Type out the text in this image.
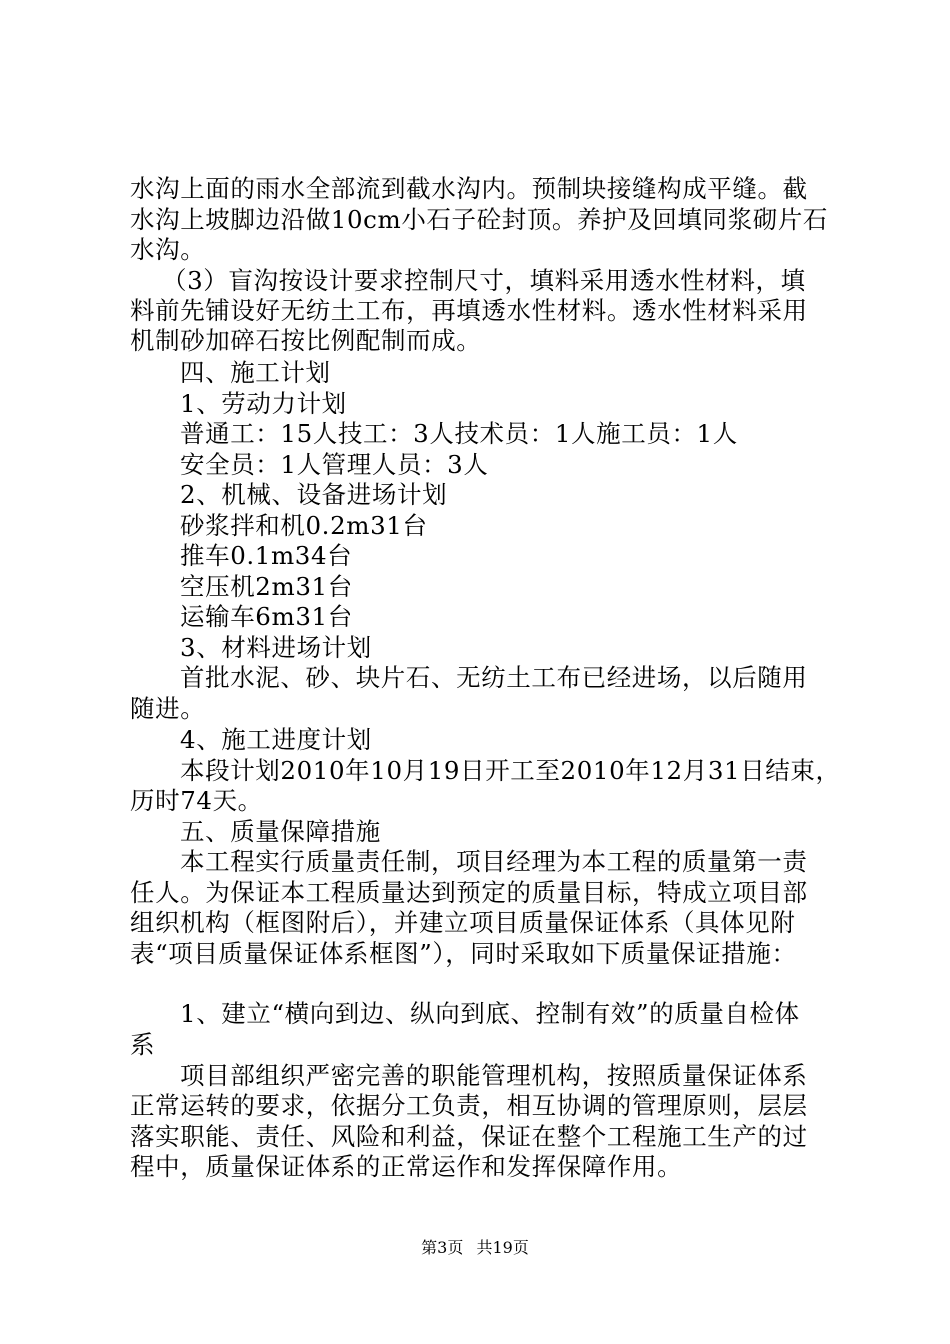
水沟上面的雨水全部流到截水沟内。预制块接缝构成平缝。截
水沟上坡脚边沿做10cm小石子砼封顶。养护及回填同浆砌片石
水沟。
（3）盲沟按设计要求控制尺寸，填料采用透水性材料，填
料前先铺设好无纺土工布，再填透水性材料。透水性材料采用
机制砂加碎石按比例配制而成。
四、施工计划
1、劳动力计划
普通工：15人技工：3人技术员：1人施工员：1人
安全员：1人管理人员：3人
2、机械、设备进场计划
砂浆拌和机0.2m31台
推车0.1m34台
空压机2m31台
运输车6m31台
3、材料进场计划
首批水泥、砂、块片石、无纺土工布已经进场，以后随用
随进。
4、施工进度计划
本段计划2010年10月19日开工至2010年12月31日结束，
历时74天。
五、质量保障措施
本工程实行质量责任制，项目经理为本工程的质量第一责
任人。为保证本工程质量达到预定的质量目标，特成立项目部
组织机构（框图附后），并建立项目质量保证体系（具体见附
表“项目质量保证体系框图”），同时采取如下质量保证措施：
1、建立“横向到边、纵向到底、控制有效”的质量自检体
系
项目部组织严密完善的职能管理机构，按照质量保证体系
正常运转的要求，依据分工负责，相互协调的管理原则，层层
落实职能、责任、风险和利益，保证在整个工程施工生产的过
程中，质量保证体系的正常运作和发挥保障作用。
第3页 共19页
